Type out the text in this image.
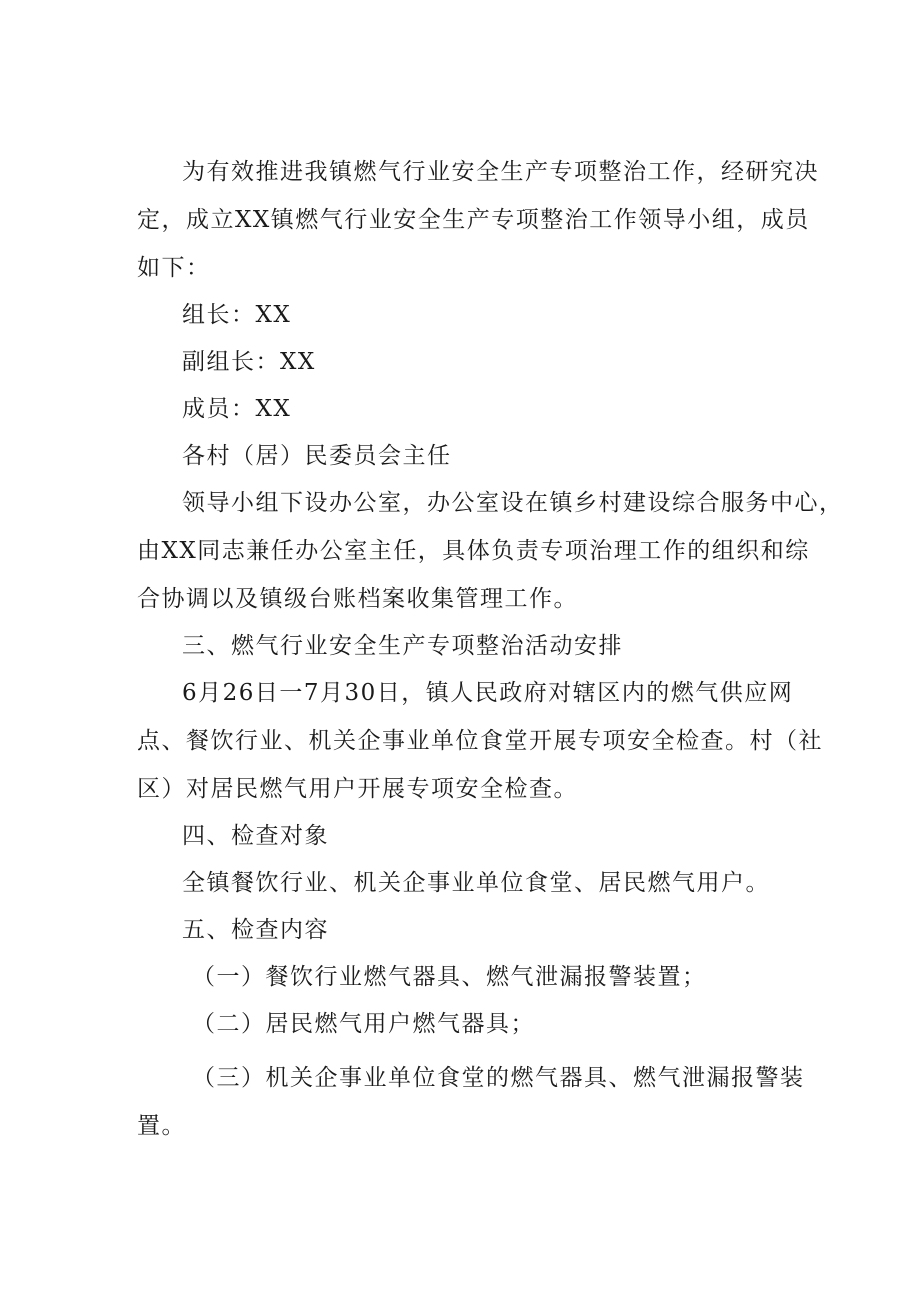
为有效推进我镇燃气行业安全生产专项整治工作，经研究决
定，成立XX镇燃气行业安全生产专项整治工作领导小组，成员
如下：
组长：XX
副组长：XX
成员：XX
各村（居）民委员会主任
领导小组下设办公室，办公室设在镇乡村建设综合服务中心，
由XX同志兼任办公室主任，具体负责专项治理工作的组织和综
合协调以及镇级台账档案收集管理工作。
三、燃气行业安全生产专项整治活动安排
6月26日一7月30日，镇人民政府对辖区内的燃气供应网
点、餐饮行业、机关企事业单位食堂开展专项安全检查。村（社
区）对居民燃气用户开展专项安全检查。
四、检查对象
全镇餐饮行业、机关企事业单位食堂、居民燃气用户。
五、检查内容
（一）餐饮行业燃气器具、燃气泄漏报警装置；
（二）居民燃气用户燃气器具；
（三）机关企事业单位食堂的燃气器具、燃气泄漏报警装
置。
